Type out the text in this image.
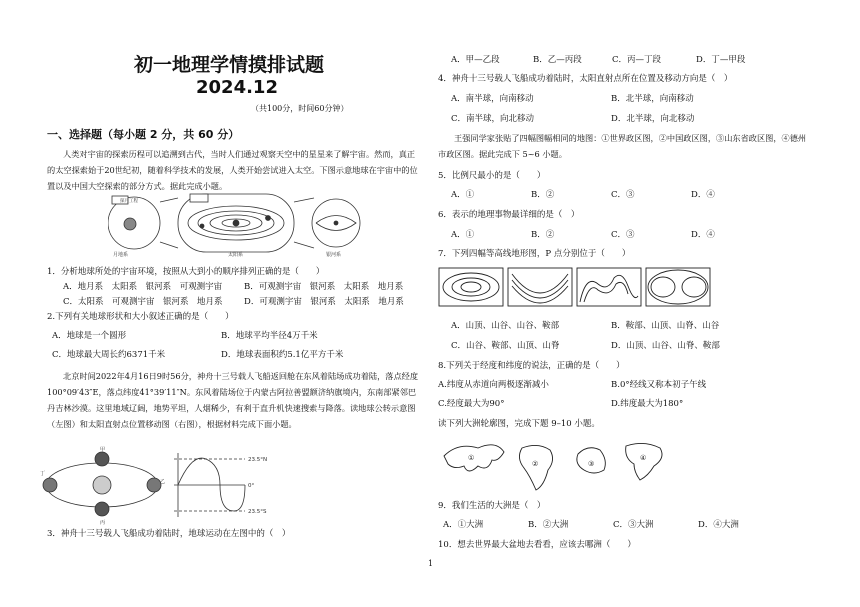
初一地理学情摸排试题
2024.12
（共100分，时间60分钟）
一、选择题（每小题 2 分，共 60 分）
人类对宇宙的探索历程可以追溯到古代，当时人们通过观察天空中的星星来了解宇宙。然而，真正的太空探索始于20世纪初，随着科学技术的发展，人类开始尝试进入太空。下图示意地球在宇宙中的位置以及中国大空探索的部分方式。据此完成小题。
探月工程
月地系	太阳系	银河系
1．分析地球所处的宇宙环境，按照从大到小的顺序排列正确的是（　　）
A．地月系　太阳系　银河系　可观测宇宙	B．可观测宇宙　银河系　太阳系　地月系
C．太阳系　可观测宇宙　银河系　地月系	D．可观测宇宙　银河系　太阳系　地月系
2.下列有关地球形状和大小叙述正确的是（　　）
A．地球是一个圆形	B．地球平均半径4万千米
C．地球最大周长约6371千米	D．地球表面积约5.1亿平方千米
北京时间2022年4月16日9时56分，神舟十三号载人飞船返回舱在东风着陆场成功着陆，落点经度100°09′43″E，落点纬度41°39′11″N。东风着陆场位于内蒙古阿拉善盟额济纳旗境内，东南部紧邻巴丹吉林沙漠。这里地域辽阔，地势平坦，人烟稀少，有利于直升机快速搜索与降落。读地球公转示意图（左图）和太阳直射点位置移动图（右图），根据材料完成下面小题。
甲
乙
丙
丁
23.5°N
0°
23.5°S
3．神舟十三号载人飞船成功着陆时，地球运动在左图中的（　）
A．甲—乙段	B．乙—丙段	C．丙—丁段	D．丁—甲段
4．神舟十三号载人飞船成功着陆时，太阳直射点所在位置及移动方向是（　）
A．南半球，向南移动	B．北半球，向南移动
C．南半球，向北移动	D．北半球，向北移动
王强同学家张贴了四幅图幅相同的地图：①世界政区图，②中国政区图，③山东省政区图，④德州市政区图。据此完成下 5~6 小题。
5．比例尺最小的是（　　）
A．①	B．②	C．③	D．④
6．表示的地理事物最详细的是（　）
A．①	B．②	C．③	D．④
7．下列四幅等高线地形图，P 点分别位于（　　）
A．山顶、山谷、山谷、鞍部	B．鞍部、山顶、山脊、山谷
C．山谷、鞍部、山顶、山脊	D．山顶、山谷、山脊、鞍部
8.下列关于经度和纬度的说法，正确的是（　　）
A.纬度从赤道向两极逐渐减小	B.0°经线又称本初子午线
C.经度最大为90°	D.纬度最大为180°
读下列大洲轮廓图，完成下题 9–10 小题。
①
②	③
④
9．我们生活的大洲是（　）
A．①大洲	B．②大洲	C．③大洲	D．④大洲
10．想去世界最大盆地去看看，应该去哪洲（　　）
1
